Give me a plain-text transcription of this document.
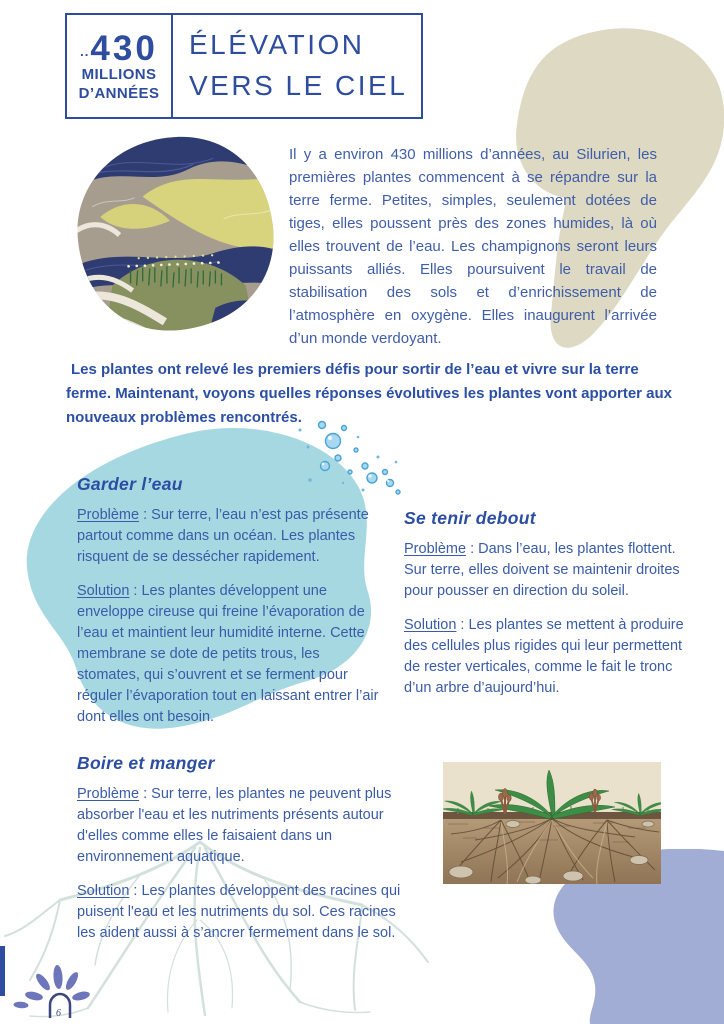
.. 430
MILLIONS
D’ANNÉES
ÉLÉVATION
VERS LE CIEL
Il y a environ 430 millions d’années, au Silurien, les premières plantes commencent à se répandre sur la terre ferme. Petites, simples, seulement dotées de tiges, elles poussent près des zones humides, là où elles trouvent de l’eau. Les champignons seront leurs puissants alliés. Elles poursuivent le travail de stabilisation des sols et d’enrichissement de l’atmosphère en oxygène. Elles inaugurent l’arrivée d’un monde verdoyant.
Les plantes ont relevé les premiers défis pour sortir de l’eau et vivre sur la terre ferme. Maintenant, voyons quelles réponses évolutives les plantes vont apporter aux nouveaux problèmes rencontrés.
Garder l’eau

Problème : Sur terre, l’eau n’est pas présente partout comme dans un océan. Les plantes risquent de se dessécher rapidement.

Solution : Les plantes développent une enveloppe cireuse qui freine l’évaporation de l’eau et maintient leur humidité interne. Cette membrane se dote de petits trous, les stomates, qui s’ouvrent et se ferment pour réguler l’évaporation tout en laissant entrer l’air dont elles ont besoin.

Se tenir debout

Problème : Dans l’eau, les plantes flottent. Sur terre, elles doivent se maintenir droites pour pousser en direction du soleil.

Solution : Les plantes se mettent à produire des cellules plus rigides qui leur permettent de rester verticales, comme le fait le tronc d’un arbre d’aujourd’hui.

Boire et manger

Problème : Sur terre, les plantes ne peuvent plus absorber l'eau et les nutriments présents autour d'elles comme elles le faisaient dans un environnement aquatique.

Solution : Les plantes développent des racines qui puisent l'eau et les nutriments du sol. Ces racines les aident aussi à s’ancrer fermement dans le sol.

6
